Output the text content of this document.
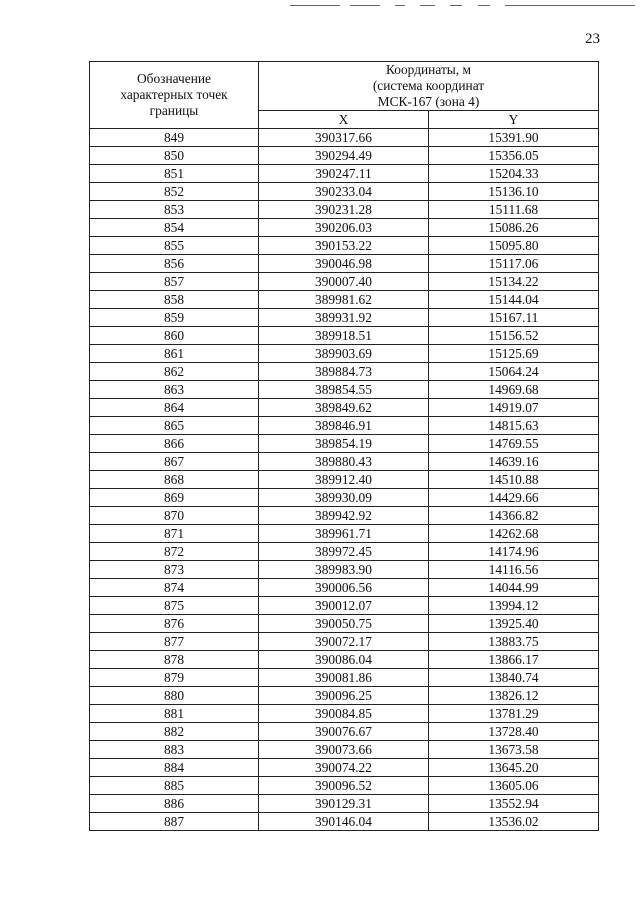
23
Обозначение характерных точек границы	Координаты, м
(система координат
МСК-167 (зона 4)	

	X	Y
849	390317.66	15391.90
850	390294.49	15356.05
851	390247.11	15204.33
852	390233.04	15136.10
853	390231.28	15111.68
854	390206.03	15086.26
855	390153.22	15095.80
856	390046.98	15117.06
857	390007.40	15134.22
858	389981.62	15144.04
859	389931.92	15167.11
860	389918.51	15156.52
861	389903.69	15125.69
862	389884.73	15064.24
863	389854.55	14969.68
864	389849.62	14919.07
865	389846.91	14815.63
866	389854.19	14769.55
867	389880.43	14639.16
868	389912.40	14510.88
869	389930.09	14429.66
870	389942.92	14366.82
871	389961.71	14262.68
872	389972.45	14174.96
873	389983.90	14116.56
874	390006.56	14044.99
875	390012.07	13994.12
876	390050.75	13925.40
877	390072.17	13883.75
878	390086.04	13866.17
879	390081.86	13840.74
880	390096.25	13826.12
881	390084.85	13781.29
882	390076.67	13728.40
883	390073.66	13673.58
884	390074.22	13645.20
885	390096.52	13605.06
886	390129.31	13552.94
887	390146.04	13536.02
